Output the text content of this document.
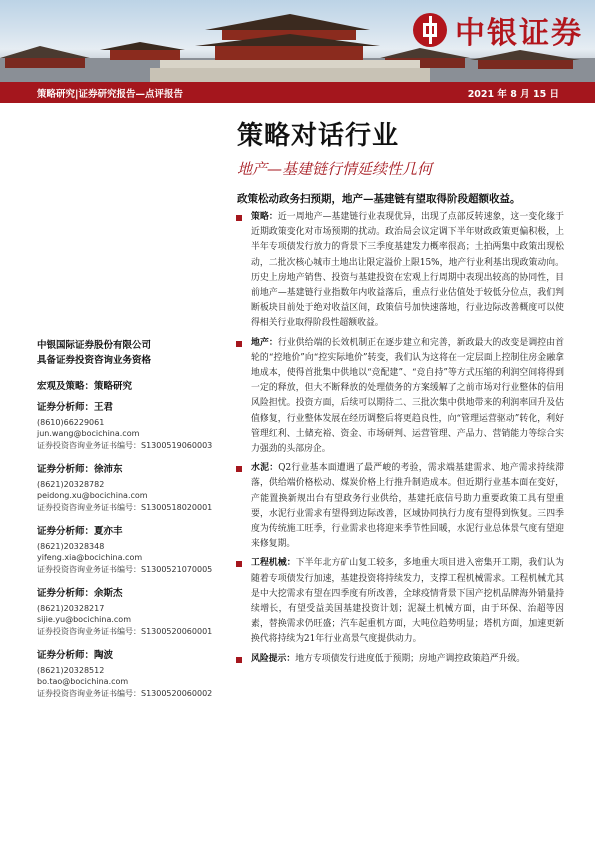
中银证券
策略研究|证券研究报告—点评报告	2021 年 8 月 15 日
策略对话行业
地产—基建链行情延续性几何
政策松动政务扫预期，地产—基建链有望取得阶段超额收益。
中银国际证券股份有限公司
具备证券投资咨询业务资格
宏观及策略：策略研究
证券分析师：王君
(8610)66229061
jun.wang@bocichina.com
证券投资咨询业务证书编号：S1300519060003
证券分析师：徐沛东
(8621)20328782
peidong.xu@bocichina.com
证券投资咨询业务证书编号：S1300518020001
证券分析师：夏亦丰
(8621)20328348
yifeng.xia@bocichina.com
证券投资咨询业务证书编号：S1300521070005
证券分析师：余斯杰
(8621)20328217
sijie.yu@bocichina.com
证券投资咨询业务证书编号：S1300520060001
证券分析师：陶波
(8621)20328512
bo.tao@bocichina.com
证券投资咨询业务证书编号：S1300520060002
策略：近一周地产—基建链行业表现优异，出现了点部反转速象，这一变化缘于近期政策变化对市场预期的扰动。政治局会议定调下半年财政政策更偏积极，上半年专项债发行放力的背景下三季度基建发力概率很高；土拍两集中政策出现松动，二批次核心城市土地出让限定溢价上限15%，地产行业利基出现政策动向。历史上房地产销售、投资与基建投资在宏观上行周期中表现出较高的协同性，目前地产—基建链行业指数年内收益落后，重点行业估值处于较低分位点，我们判断板块目前处于绝对收益区间，政策信号加快速落地，行业边际改善概度可以使得相关行业取得阶段性超额收益。
地产：行业供给端的长效机制正在逐步建立和完善，新政最大的改变是调控由首轮的“控地价”向“控实际地价”转变，我们认为这将在一定层面上控制住房金融拿地成本，使得首批集中供地以“竞配建”、“竞自持”等方式压缩的利润空间将得到一定的释放，但大不断释放的处理债务的方案缓解了之前市场对行业整体的信用风险担忧。投资方面，后续可以期待二、三批次集中供地带来的利润率回升及估值修复，行业整体发展在经历调整后将更趋良性，向“管理运营驱动”转化，利好管理红利、土储充裕、资金、市场研判、运营管理、产品力、营销能力等综合实力强劲的头部房企。
水泥：Q2行业基本面遭遇了最严峻的考验，需求端基建需求、地产需求持续滞落，供给端价格松动、煤炭价格上行推升制造成本。但近期行业基本面在变好，产能置换新规出台有望政务行业供给，基建托底信号助力重要政策工具有望重要，水泥行业需求有望得到边际改善，区域协同执行力度有望得到恢复。三四季度为传统施工旺季，行业需求也将迎来季节性回暖，水泥行业总体景气度有望迎来修复期。
工程机械：下半年北方矿山复工较多，多地重大项目进入密集开工期，我们认为随着专项债发行加速，基建投资将持续发力，支撑工程机械需求。工程机械尤其是中大挖需求有望在四季度有所改善，全球疫情背景下国产挖机品牌海外销量持续增长，有望受益美国基建投资计划；泥凝土机械方面，由于环保、治超等因素，替换需求仍旺盛；汽车起重机方面，大吨位趋势明显；塔机方面，加速更新换代将持续为21年行业高景气度提供动力。
风险提示：地方专项债发行进度低于预期；房地产调控政策趋严升级。
